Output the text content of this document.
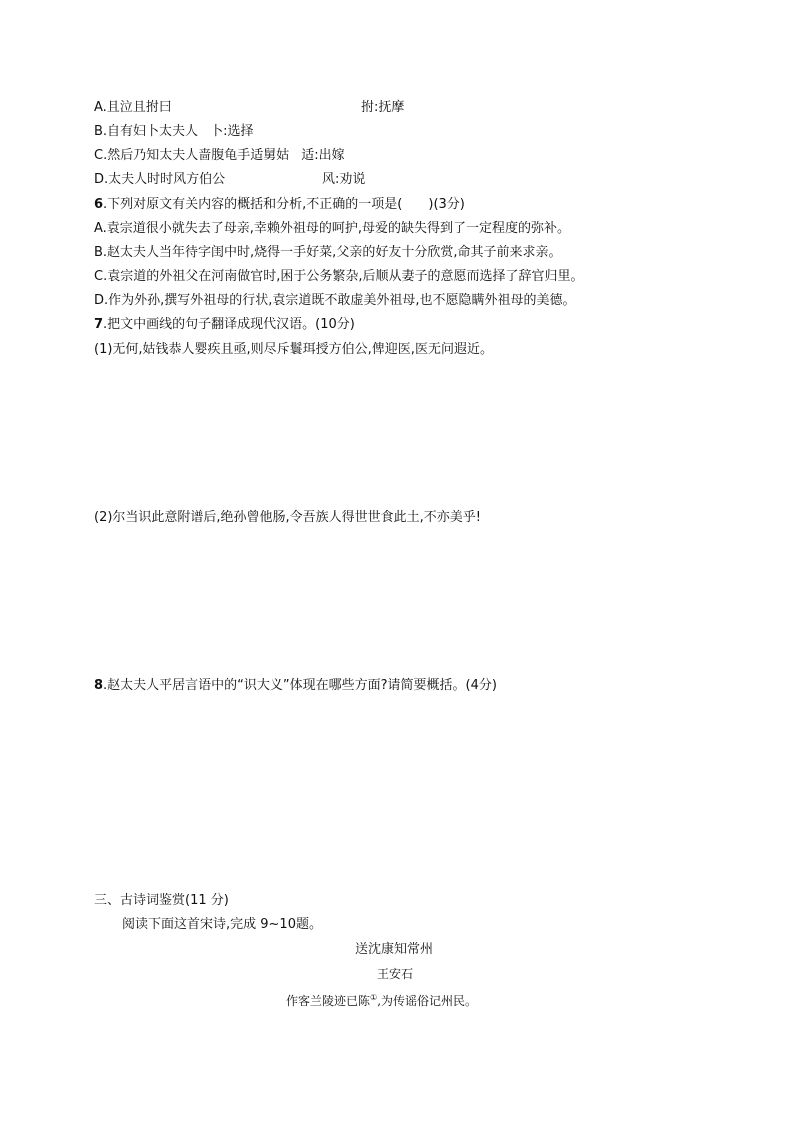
A.且泣且拊曰	拊:抚摩
B.自有妇卜太夫人 卜:选择
C.然后乃知太夫人啬腹龟手适舅姑 适:出嫁
D.太夫人时时风方伯公	风:劝说
6.下列对原文有关内容的概括和分析,不正确的一项是( )(3分)
A.袁宗道很小就失去了母亲,幸赖外祖母的呵护,母爱的缺失得到了一定程度的弥补。
B.赵太夫人当年待字闺中时,烧得一手好菜,父亲的好友十分欣赏,命其子前来求亲。
C.袁宗道的外祖父在河南做官时,困于公务繁杂,后顺从妻子的意愿而选择了辞官归里。
D.作为外孙,撰写外祖母的行状,袁宗道既不敢虚美外祖母,也不愿隐瞒外祖母的美德。
7.把文中画线的句子翻译成现代汉语。(10分)
(1)无何,姑钱恭人婴疾且亟,则尽斥鬟珥授方伯公,俾迎医,医无问遐近。
(2)尔当识此意附谱后,绝孙曾他肠,令吾族人得世世食此土,不亦美乎!
8.赵太夫人平居言语中的“识大义”体现在哪些方面?请简要概括。(4分)
三、古诗词鉴赏(11 分)
阅读下面这首宋诗,完成 9~10题。
送沈康知常州
王安石
作客兰陵迹已陈①,为传谣俗记州民。
